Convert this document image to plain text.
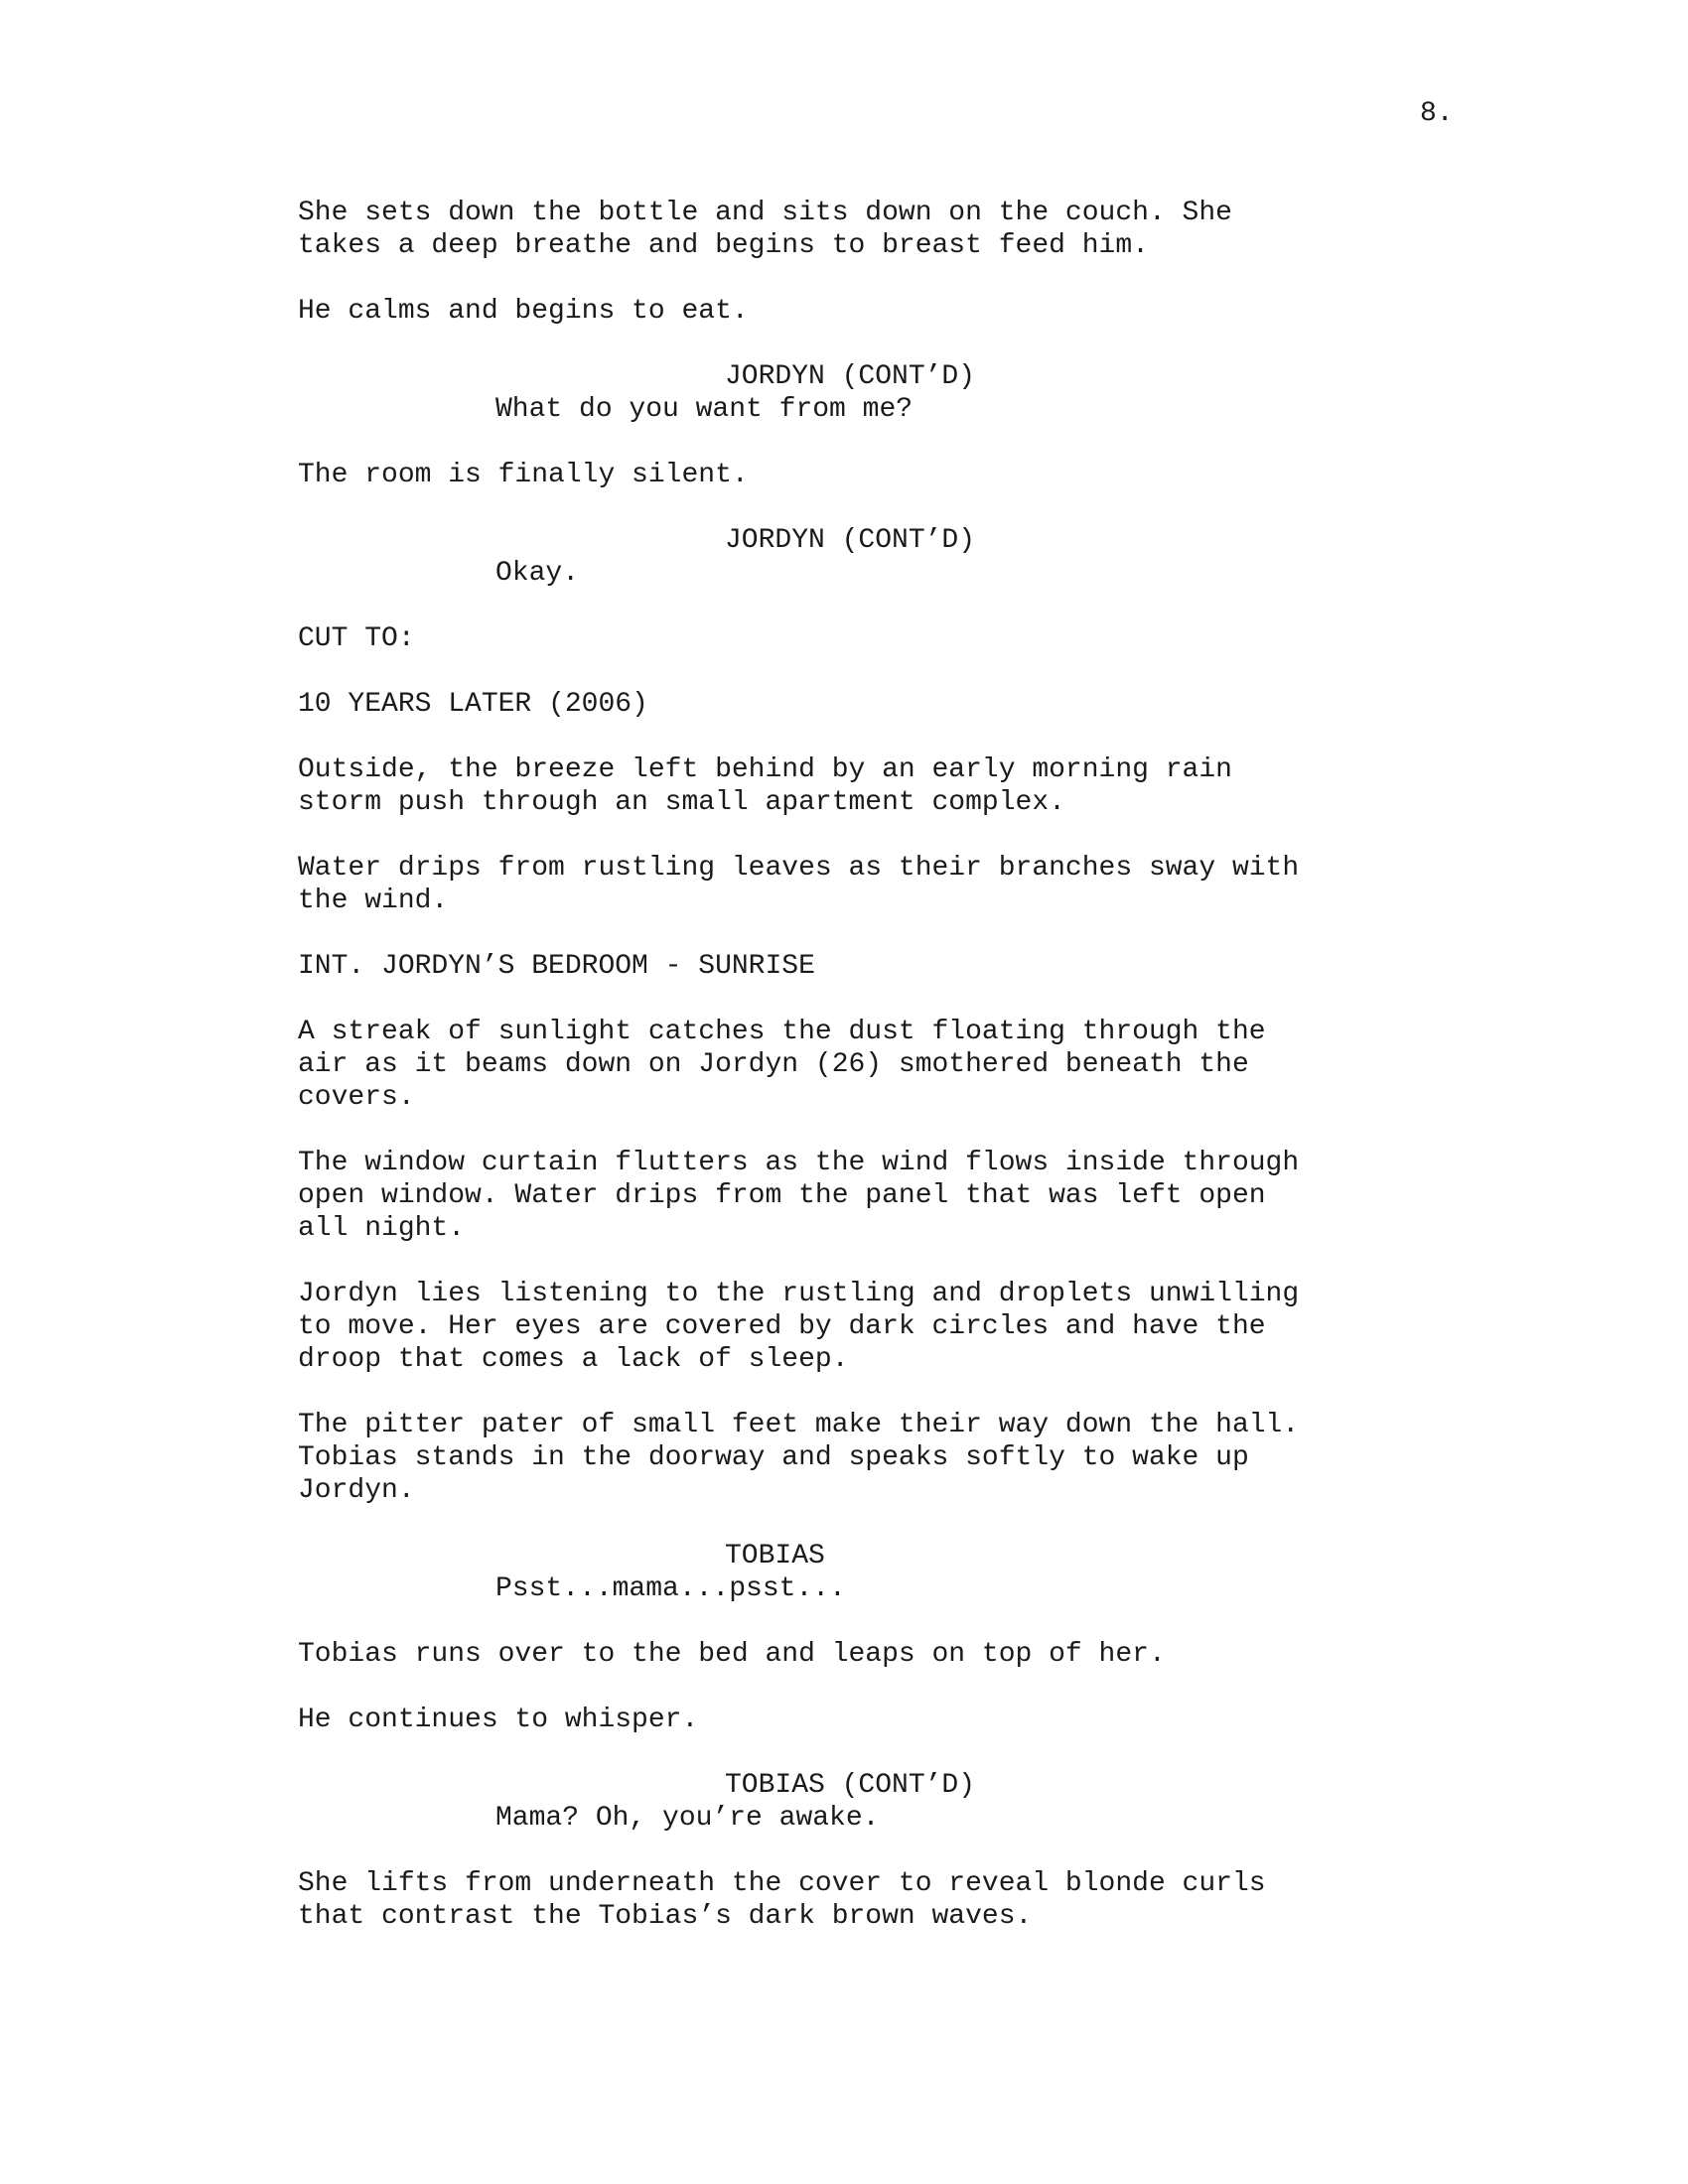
8.

She sets down the bottle and sits down on the couch. She
takes a deep breathe and begins to breast feed him.

He calms and begins to eat.

JORDYN (CONT’D)

What do you want from me?

The room is finally silent.

JORDYN (CONT’D)

Okay.

CUT TO:

10 YEARS LATER (2006)

Outside, the breeze left behind by an early morning rain
storm push through an small apartment complex.

Water drips from rustling leaves as their branches sway with
the wind.

INT. JORDYN’S BEDROOM - SUNRISE

A streak of sunlight catches the dust floating through the
air as it beams down on Jordyn (26) smothered beneath the
covers.

The window curtain flutters as the wind flows inside through
open window. Water drips from the panel that was left open
all night.

Jordyn lies listening to the rustling and droplets unwilling
to move. Her eyes are covered by dark circles and have the
droop that comes a lack of sleep.

The pitter pater of small feet make their way down the hall.
Tobias stands in the doorway and speaks softly to wake up
Jordyn.

TOBIAS

Psst...mama...psst...

Tobias runs over to the bed and leaps on top of her.

He continues to whisper.

TOBIAS (CONT’D)

Mama? Oh, you’re awake.

She lifts from underneath the cover to reveal blonde curls
that contrast the Tobias’s dark brown waves.
